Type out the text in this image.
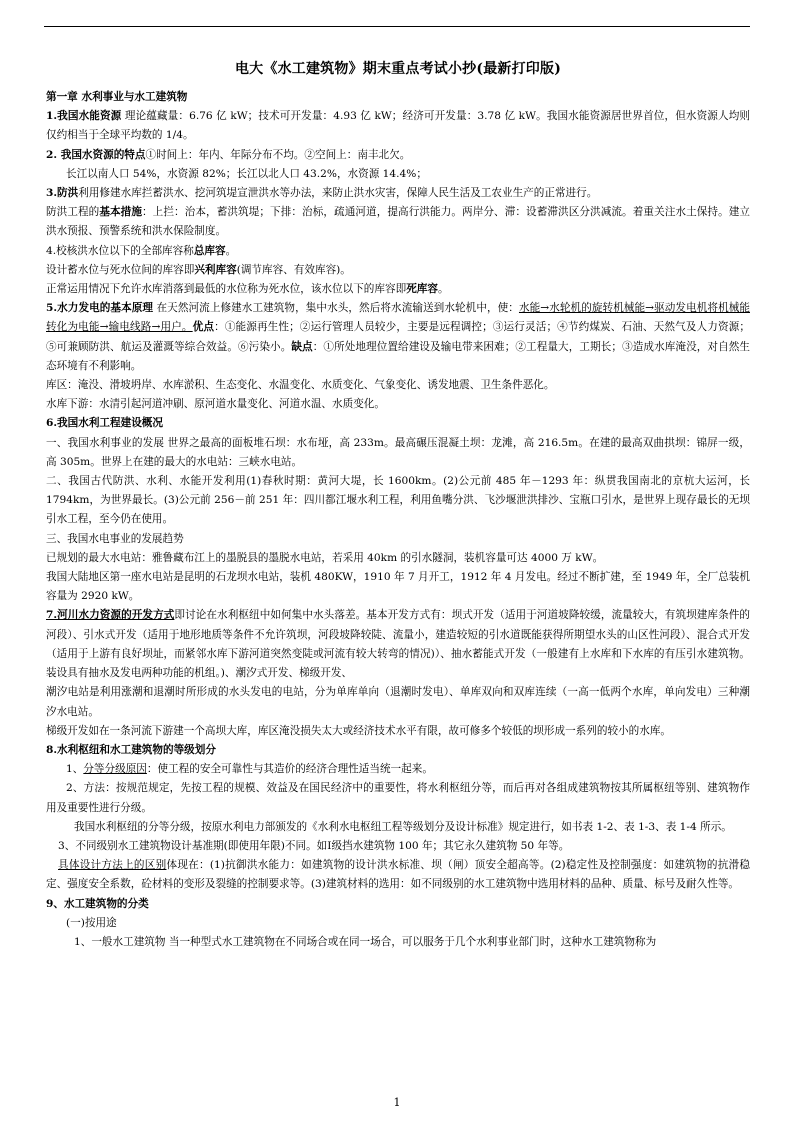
电大《水工建筑物》期末重点考试小抄(最新打印版)

第一章 水利事业与水工建筑物

1.我国水能资源 理论蕴藏量：6.76 亿 kW；技术可开发量：4.93 亿 kW；经济可开发量：3.78 亿 kW。我国水能资源居世界首位，但水资源人均则仅约相当于全球平均数的 1/4。

2. 我国水资源的特点①时间上：年内、年际分布不均。②空间上：南丰北欠。

长江以南人口 54%，水资源 82%；长江以北人口 43.2%，水资源 14.4%；

3.防洪利用修建水库拦蓄洪水、挖河筑堤宣泄洪水等办法，来防止洪水灾害，保障人民生活及工农业生产的正常进行。

防洪工程的基本措施：上拦：治本，蓄洪筑堤；下排：治标，疏通河道，提高行洪能力。两岸分、滞：设蓄滞洪区分洪减流。着重关注水土保持。建立洪水预报、预警系统和洪水保险制度。

4.校核洪水位以下的全部库容称总库容。

设计蓄水位与死水位间的库容即兴利库容(调节库容、有效库容)。

正常运用情况下允许水库消落到最低的水位称为死水位，该水位以下的库容即死库容。

5.水力发电的基本原理 在天然河流上修建水工建筑物，集中水头，然后将水流输送到水轮机中，使：水能→水轮机的旋转机械能→驱动发电机将机械能转化为电能→输电线路→用户。优点：①能源再生性；②运行管理人员较少，主要是远程调控；③运行灵活；④节约煤炭、石油、天然气及人力资源；⑤可兼顾防洪、航运及灌溉等综合效益。⑥污染小。缺点：①所处地理位置给建设及输电带来困难；②工程量大，工期长；③造成水库淹没，对自然生态环境有不利影响。

库区：淹没、滑坡坍岸、水库淤积、生态变化、水温变化、水质变化、气象变化、诱发地震、卫生条件恶化。

水库下游：水清引起河道冲刷、原河道水量变化、河道水温、水质变化。

6.我国水利工程建设概况

一、我国水利事业的发展 世界之最高的面板堆石坝：水布垭，高 233m。最高碾压混凝土坝：龙滩，高 216.5m。在建的最高双曲拱坝：锦屏一级，高 305m。世界上在建的最大的水电站：三峡水电站。

二、我国古代防洪、水利、水能开发利用(1)春秋时期：黄河大堤，长 1600km。(2)公元前 485 年－1293 年：纵贯我国南北的京杭大运河，长 1794km，为世界最长。(3)公元前 256－前 251 年：四川都江堰水利工程，利用鱼嘴分洪、飞沙堰泄洪排沙、宝瓶口引水，是世界上现存最长的无坝引水工程，至今仍在使用。

三、我国水电事业的发展趋势

已规划的最大水电站：雅鲁藏布江上的墨脱县的墨脱水电站，若采用 40km 的引水隧洞，装机容量可达 4000 万 kW。

我国大陆地区第一座水电站是昆明的石龙坝水电站，装机 480KW，1910 年 7 月开工，1912 年 4 月发电。经过不断扩建，至 1949 年，全厂总装机容量为 2920 kW。

7.河川水力资源的开发方式即讨论在水利枢纽中如何集中水头落差。基本开发方式有：坝式开发（适用于河道坡降较缓，流量较大，有筑坝建库条件的河段）、引水式开发（适用于地形地质等条件不允许筑坝，河段坡降较陡、流量小，建造较短的引水道既能获得所期望水头的山区性河段）、混合式开发（适用于上游有良好坝址，而紧邻水库下游河道突然变陡或河流有较大转弯的情况)）、抽水蓄能式开发（一般建有上水库和下水库的有压引水建筑物。装设具有抽水及发电两种功能的机组。)、潮汐式开发、梯级开发、

潮汐电站是利用涨潮和退潮时所形成的水头发电的电站，分为单库单向（退潮时发电）、单库双向和双库连续（一高一低两个水库，单向发电）三种潮汐水电站。

梯级开发如在一条河流下游建一个高坝大库，库区淹没损失太大或经济技术水平有限，故可修多个较低的坝形成一系列的较小的水库。

8.水利枢纽和水工建筑物的等级划分

1、分等分级原因：使工程的安全可靠性与其造价的经济合理性适当统一起来。

2、方法：按规范规定，先按工程的规模、效益及在国民经济中的重要性，将水利枢纽分等，而后再对各组成建筑物按其所属枢纽等别、建筑物作用及重要性进行分级。

我国水利枢纽的分等分级，按原水利电力部颁发的《水利水电枢纽工程等级划分及设计标准》规定进行，如书表 1-2、表 1-3、表 1-4 所示。

3、不同级别水工建筑物设计基准期(即使用年限)不同。如Ⅰ级挡水建筑物 100 年；其它永久建筑物 50 年等。

具体设计方法上的区别体现在：(1)抗御洪水能力：如建筑物的设计洪水标准、坝（闸）顶安全超高等。(2)稳定性及控制强度：如建筑物的抗滑稳定、强度安全系数，砼材料的变形及裂缝的控制要求等。(3)建筑材料的选用：如不同级别的水工建筑物中选用材料的品种、质量、标号及耐久性等。

9、水工建筑物的分类

(一)按用途

1、一般水工建筑物 当一种型式水工建筑物在不同场合或在同一场合，可以服务于几个水利事业部门时，这种水工建筑物称为

1
